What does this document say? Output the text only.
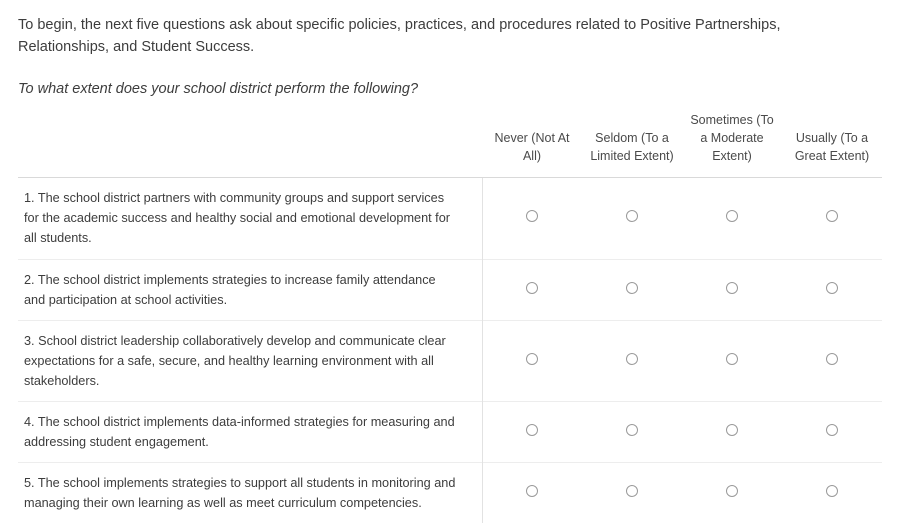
To begin, the next five questions ask about specific policies, practices, and procedures related to Positive Partnerships, Relationships, and Student Success.

To what extent does your school district perform the following?

	Never (Not At All)	Seldom (To a Limited Extent)	Sometimes (To a Moderate Extent)	Usually (To a Great Extent)
1. The school district partners with community groups and support services for the academic success and healthy social and emotional development for all students.				
2. The school district implements strategies to increase family attendance and participation at school activities.				
3. School district leadership collaboratively develop and communicate clear expectations for a safe, secure, and healthy learning environment with all stakeholders.				
4. The school district implements data-informed strategies for measuring and addressing student engagement.				
5. The school implements strategies to support all students in monitoring and managing their own learning as well as meet curriculum competencies.				
